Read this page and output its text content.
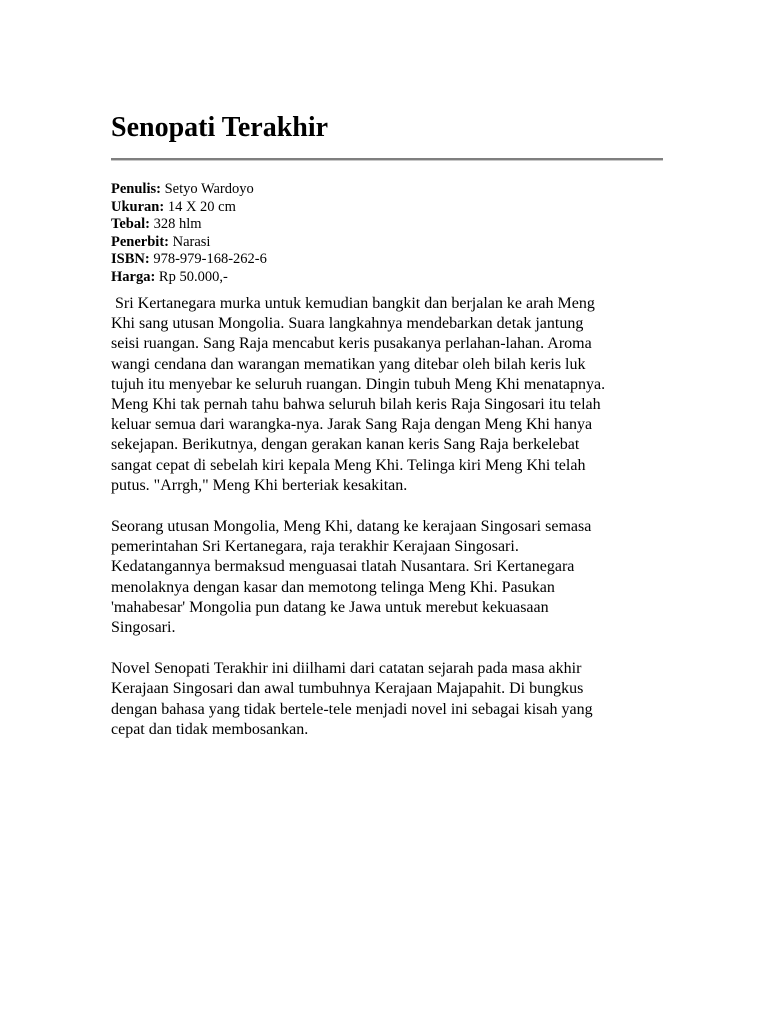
Senopati Terakhir
Penulis: Setyo Wardoyo
Ukuran: 14 X 20 cm
Tebal: 328 hlm
Penerbit: Narasi
ISBN: 978-979-168-262-6
Harga: Rp 50.000,-

Sri Kertanegara murka untuk kemudian bangkit dan berjalan ke arah Meng
Khi sang utusan Mongolia. Suara langkahnya mendebarkan detak jantung
seisi ruangan. Sang Raja mencabut keris pusakanya perlahan-lahan. Aroma
wangi cendana dan warangan mematikan yang ditebar oleh bilah keris luk
tujuh itu menyebar ke seluruh ruangan. Dingin tubuh Meng Khi menatapnya.
Meng Khi tak pernah tahu bahwa seluruh bilah keris Raja Singosari itu telah
keluar semua dari warangka-nya. Jarak Sang Raja dengan Meng Khi hanya
sekejapan. Berikutnya, dengan gerakan kanan keris Sang Raja berkelebat
sangat cepat di sebelah kiri kepala Meng Khi. Telinga kiri Meng Khi telah
putus. "Arrgh," Meng Khi berteriak kesakitan.

Seorang utusan Mongolia, Meng Khi, datang ke kerajaan Singosari semasa
pemerintahan Sri Kertanegara, raja terakhir Kerajaan Singosari.
Kedatangannya bermaksud menguasai tlatah Nusantara. Sri Kertanegara
menolaknya dengan kasar dan memotong telinga Meng Khi. Pasukan
'mahabesar' Mongolia pun datang ke Jawa untuk merebut kekuasaan
Singosari.

Novel Senopati Terakhir ini diilhami dari catatan sejarah pada masa akhir
Kerajaan Singosari dan awal tumbuhnya Kerajaan Majapahit. Di bungkus
dengan bahasa yang tidak bertele-tele menjadi novel ini sebagai kisah yang
cepat dan tidak membosankan.
